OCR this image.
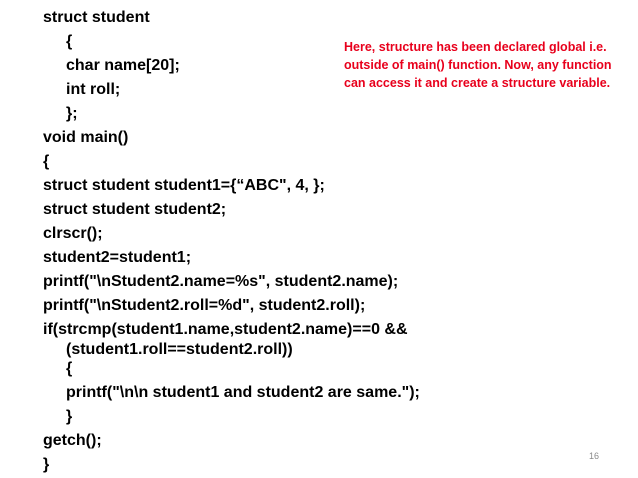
struct student
{
char name[20];
int roll;
};
void main()
{
struct student student1={“ABC", 4, };
struct student student2;
clrscr();
student2=student1;
printf("\nStudent2.name=%s", student2.name);
printf("\nStudent2.roll=%d", student2.roll);
if(strcmp(student1.name,student2.name)==0 &&
(student1.roll==student2.roll))
{
printf("\n\n student1 and student2 are same.");
}
getch();
}
Here, structure has been declared global i.e. outside of main() function. Now, any function can access it and create a structure variable.
16
